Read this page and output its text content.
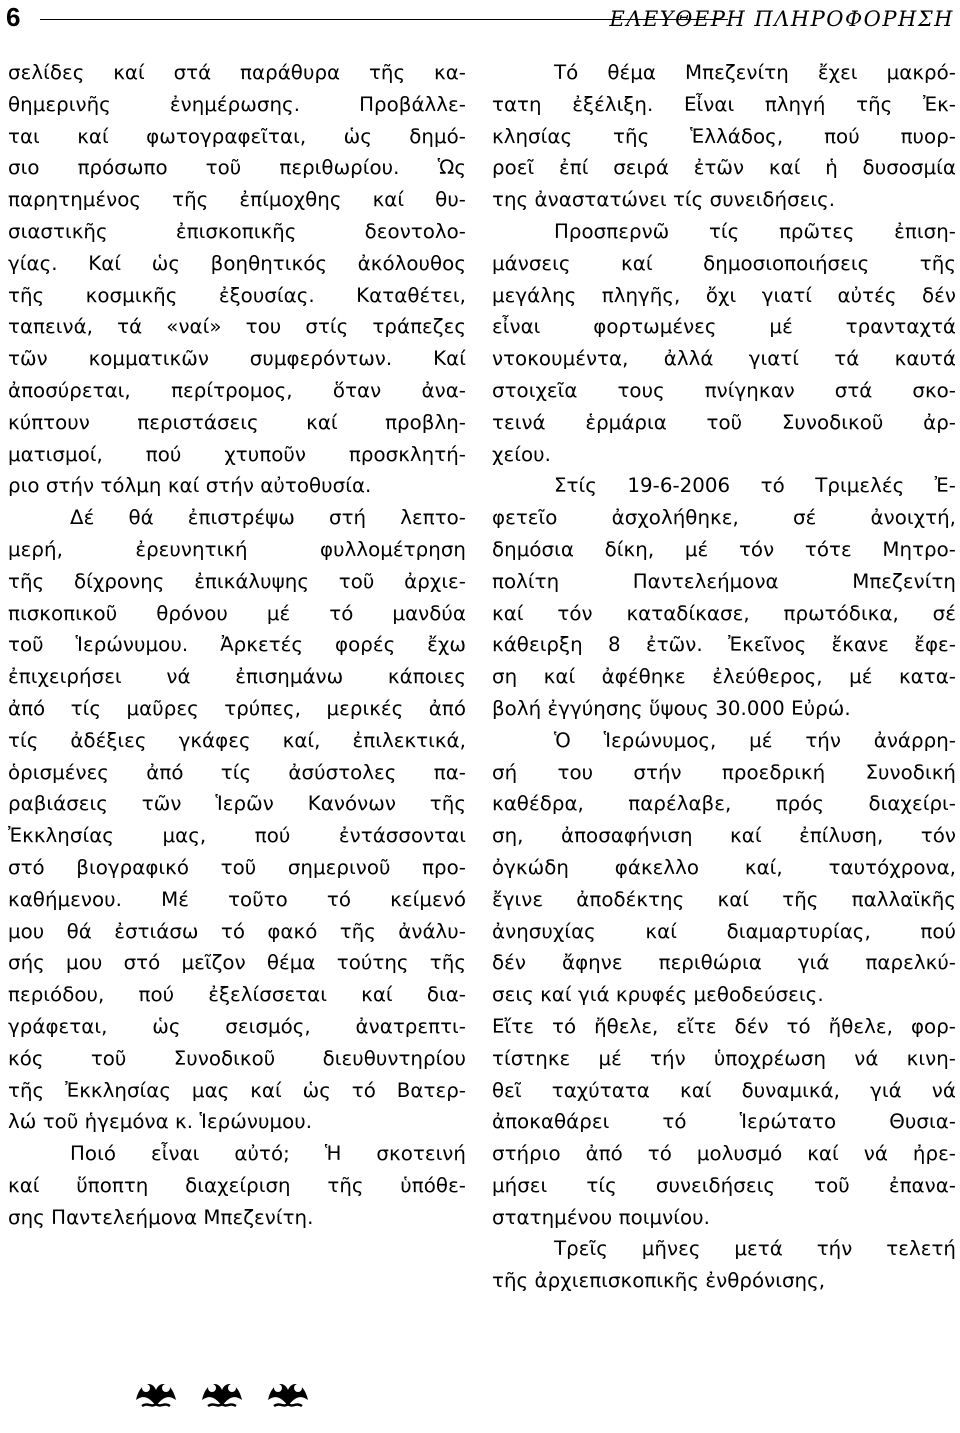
6	ΕΛΕΥΘΕΡΗ ΠΛΗΡΟΦΟΡΗΣΗ
σελίδες καί στά παράθυρα τῆς κα-
θημερινῆς ἐνημέρωσης. Προβάλλε-
ται καί φωτογραφεῖται, ὡς δημό-
σιο πρόσωπο τοῦ περιθωρίου. Ὡς
παρητημένος τῆς ἐπίμοχθης καί θυ-
σιαστικῆς ἐπισκοπικῆς δεοντολο-
γίας. Καί ὡς βοηθητικός ἀκόλουθος
τῆς κοσμικῆς ἐξουσίας. Καταθέτει,
ταπεινά, τά «ναί» του στίς τράπεζες
τῶν κομματικῶν συμφερόντων. Καί
ἀποσύρεται, περίτρομος, ὅταν ἀνα-
κύπτουν περιστάσεις καί προβλη-
ματισμοί, πού χτυποῦν προσκλητή-
ριο στήν τόλμη καί στήν αὐτοθυσία.
Δέ θά ἐπιστρέψω στή λεπτο-
μερή, ἐρευνητική φυλλομέτρηση
τῆς δίχρονης ἐπικάλυψης τοῦ ἀρχιε-
πισκοπικοῦ θρόνου μέ τό μανδύα
τοῦ Ἱερώνυμου. Ἀρκετές φορές ἔχω
ἐπιχειρήσει νά ἐπισημάνω κάποιες
ἀπό τίς μαῦρες τρύπες, μερικές ἀπό
τίς ἀδέξιες γκάφες καί, ἐπιλεκτικά,
ὁρισμένες ἀπό τίς ἀσύστολες πα-
ραβιάσεις τῶν Ἱερῶν Κανόνων τῆς
Ἐκκλησίας μας, πού ἐντάσσονται
στό βιογραφικό τοῦ σημερινοῦ προ-
καθήμενου. Μέ τοῦτο τό κείμενό
μου θά ἐστιάσω τό φακό τῆς ἀνάλυ-
σής μου στό μεῖζον θέμα τούτης τῆς
περιόδου, πού ἐξελίσσεται καί δια-
γράφεται, ὡς σεισμός, ἀνατρεπτι-
κός τοῦ Συνοδικοῦ διευθυντηρίου
τῆς Ἐκκλησίας μας καί ὡς τό Βατερ-
λώ τοῦ ἡγεμόνα κ. Ἱερώνυμου.
Ποιό εἶναι αὐτό; Ἡ σκοτεινή
καί ὕποπτη διαχείριση τῆς ὑπόθε-
σης Παντελεήμονα Μπεζενίτη.
Τό θέμα Μπεζενίτη ἔχει μακρό-
τατη ἐξέλιξη. Εἶναι πληγή τῆς Ἐκ-
κλησίας τῆς Ἑλλάδος, πού πυορ-
ροεῖ ἐπί σειρά ἐτῶν καί ἡ δυσοσμία
της ἀναστατώνει τίς συνειδήσεις.
Προσπερνῶ τίς πρῶτες ἐπιση-
μάνσεις καί δημοσιοποιήσεις τῆς
μεγάλης πληγῆς, ὄχι γιατί αὐτές δέν
εἶναι φορτωμένες μέ τρανταχτά
ντοκουμέντα, ἀλλά γιατί τά καυτά
στοιχεῖα τους πνίγηκαν στά σκο-
τεινά ἑρμάρια τοῦ Συνοδικοῦ ἀρ-
χείου.
Στίς 19-6-2006 τό Τριμελές Ἐ-
φετεῖο ἀσχολήθηκε, σέ ἀνοιχτή,
δημόσια δίκη, μέ τόν τότε Μητρο-
πολίτη Παντελεήμονα Μπεζενίτη
καί τόν καταδίκασε, πρωτόδικα, σέ
κάθειρξη 8 ἐτῶν. Ἐκεῖνος ἔκανε ἔφε-
ση καί ἀφέθηκε ἐλεύθερος, μέ κατα-
βολή ἐγγύησης ὕψους 30.000 Εὐρώ.
Ὁ Ἱερώνυμος, μέ τήν ἀνάρρη-
σή του στήν προεδρική Συνοδική
καθέδρα, παρέλαβε, πρός διαχείρι-
ση, ἀποσαφήνιση καί ἐπίλυση, τόν
ὀγκώδη φάκελλο καί, ταυτόχρονα,
ἔγινε ἀποδέκτης καί τῆς παλλαϊκῆς
ἀνησυχίας καί διαμαρτυρίας, πού
δέν ἄφηνε περιθώρια γιά παρελκύ-
σεις καί γιά κρυφές μεθοδεύσεις.
Εἴτε τό ἤθελε, εἴτε δέν τό ἤθελε, φορ-
τίστηκε μέ τήν ὑποχρέωση νά κινη-
θεῖ ταχύτατα καί δυναμικά, γιά νά
ἀποκαθάρει τό Ἱερώτατο Θυσια-
στήριο ἀπό τό μολυσμό καί νά ἠρε-
μήσει τίς συνειδήσεις τοῦ ἐπανα-
στατημένου ποιμνίου.
Τρεῖς μῆνες μετά τήν τελετή
τῆς ἀρχιεπισκοπικῆς ἐνθρόνισης,
